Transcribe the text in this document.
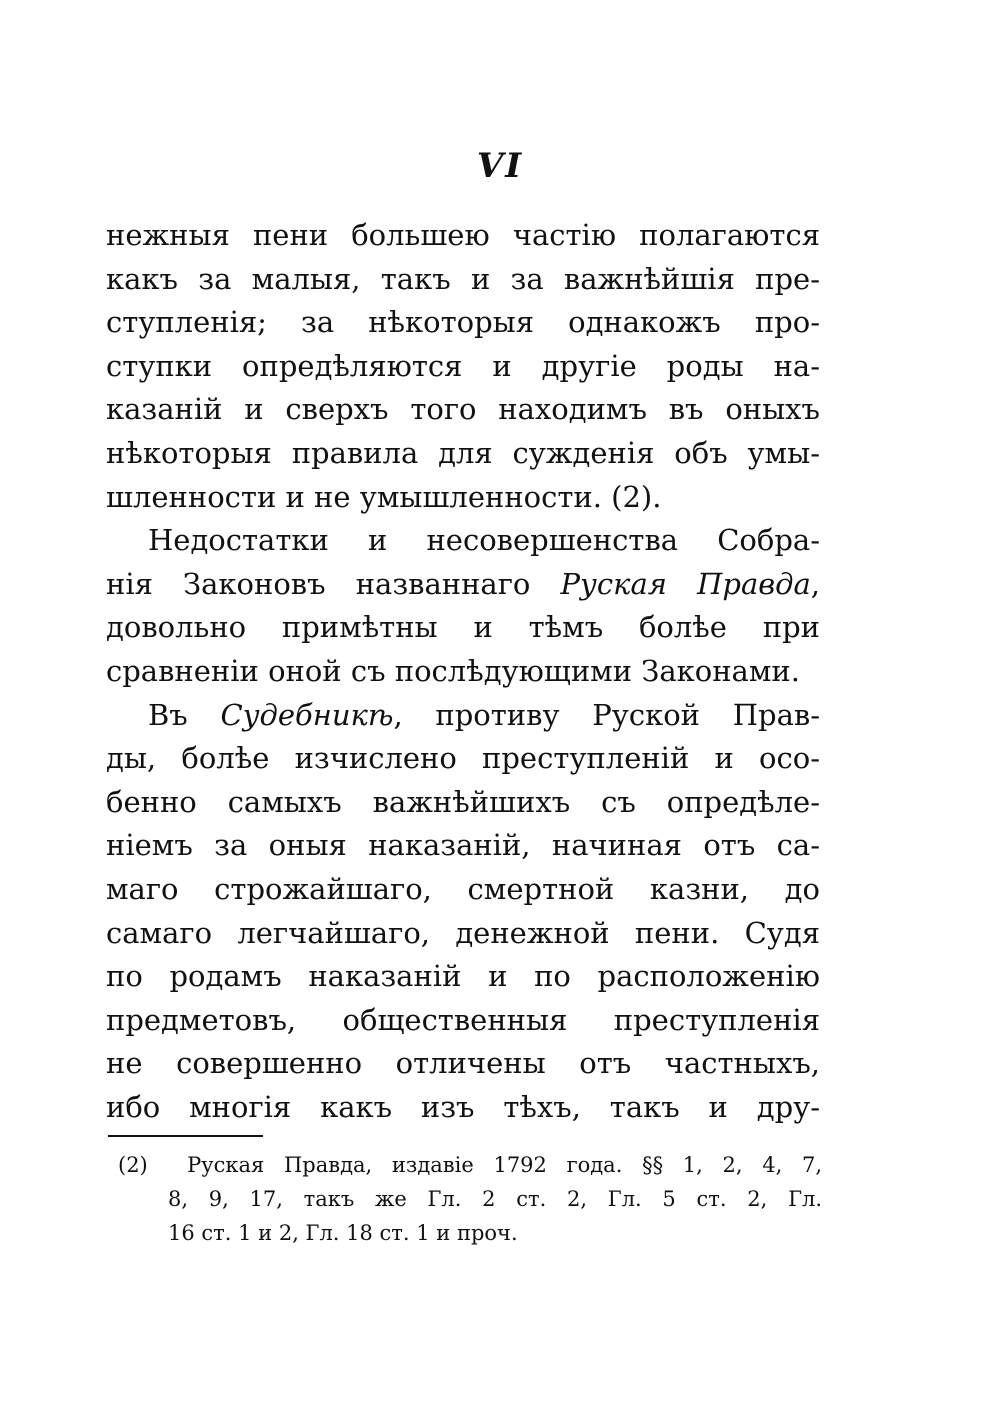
VI
нежныя пени большею частію полагаются
какъ за малыя, такъ и за важнѣйшія пре-
ступленія; за нѣкоторыя однакожъ про-
ступки опредѣляются и другіе роды на-
казаній и сверхъ того находимъ въ оныхъ
нѣкоторыя правила для сужденія объ умы-
шленности и не умышленности. (2).
Недостатки и несовершенства Собра-
нія Законовъ названнаго Руская Правда,
довольно примѣтны и тѣмъ болѣе при
сравненіи оной съ послѣдующими Законами.
Въ Судебникѣ, противу Руской Прав-
ды, болѣе изчислено преступленій и осо-
бенно самыхъ важнѣйшихъ съ опредѣле-
ніемъ за оныя наказаній, начиная отъ са-
маго строжайшаго, смертной казни, до
самаго легчайшаго, денежной пени. Судя
по родамъ наказаній и по расположенію
предметовъ, общественныя преступленія
не совершенно отличены отъ частныхъ,
ибо многія какъ изъ тѣхъ, такъ и дру-
(2) Руская Правда, издавіе 1792 года. §§ 1, 2, 4, 7,
8, 9, 17, такъ же Гл. 2 ст. 2, Гл. 5 ст. 2, Гл.
16 ст. 1 и 2, Гл. 18 ст. 1 и проч.
